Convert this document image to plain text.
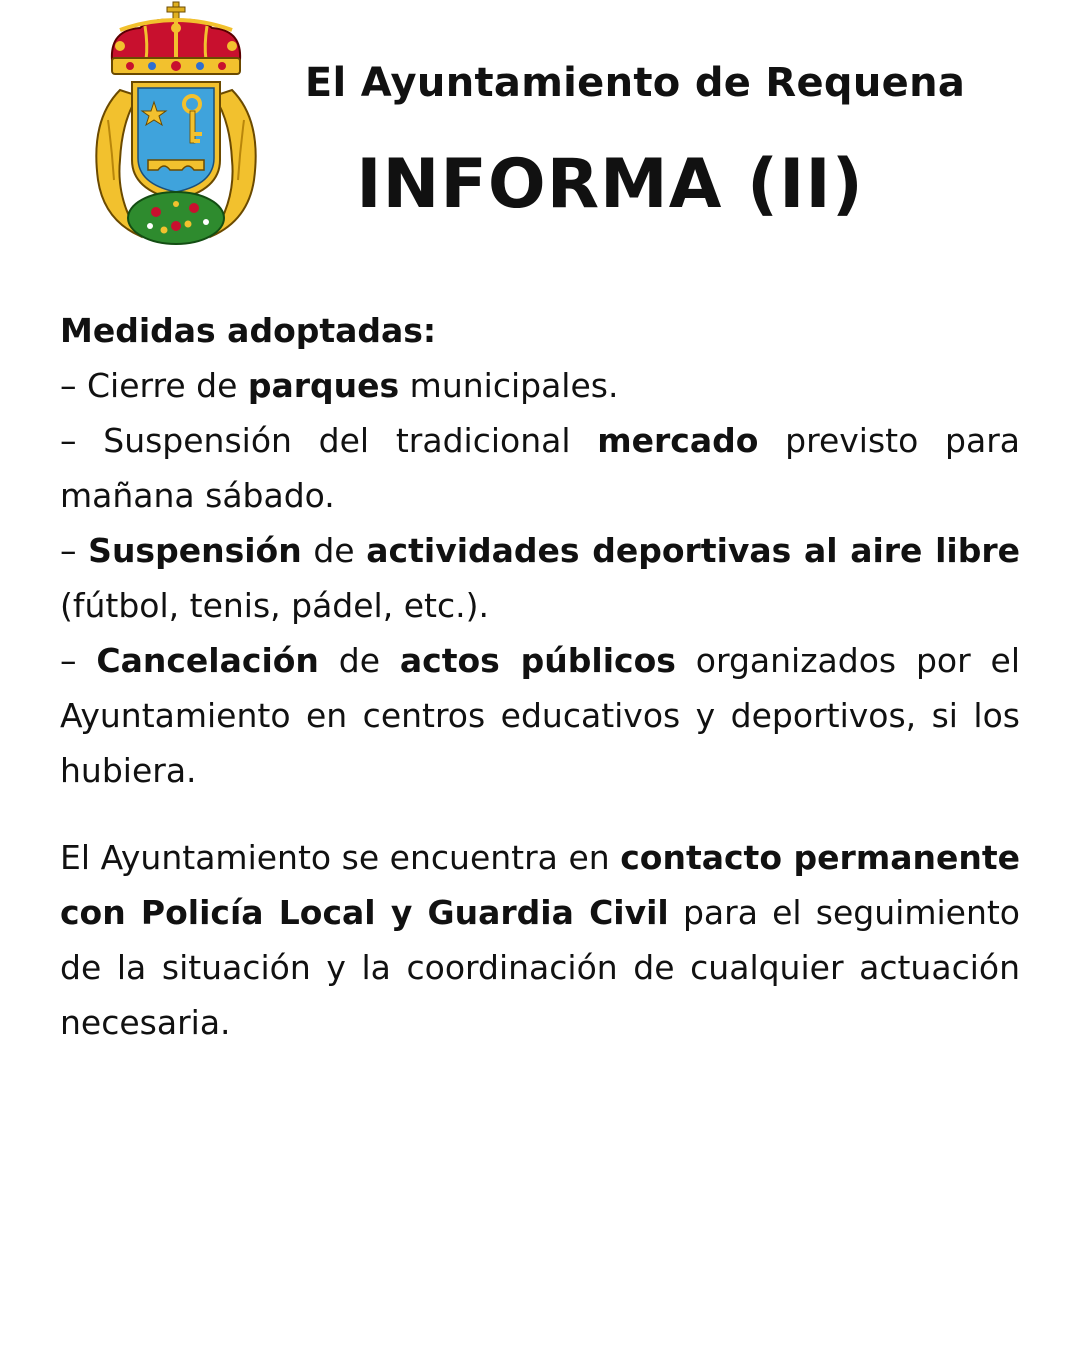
El Ayuntamiento de Requena
INFORMA (II)
Medidas adoptadas:

– Cierre de parques municipales.

– Suspensión del tradicional mercado previsto para mañana sábado.

– Suspensión de actividades deportivas al aire libre (fútbol, tenis, pádel, etc.).

– Cancelación de actos públicos organizados por el Ayuntamiento en centros educativos y deportivos, si los hubiera.

El Ayuntamiento se encuentra en contacto permanente con Policía Local y Guardia Civil para el seguimiento de la situación y la coordinación de cualquier actuación necesaria.
